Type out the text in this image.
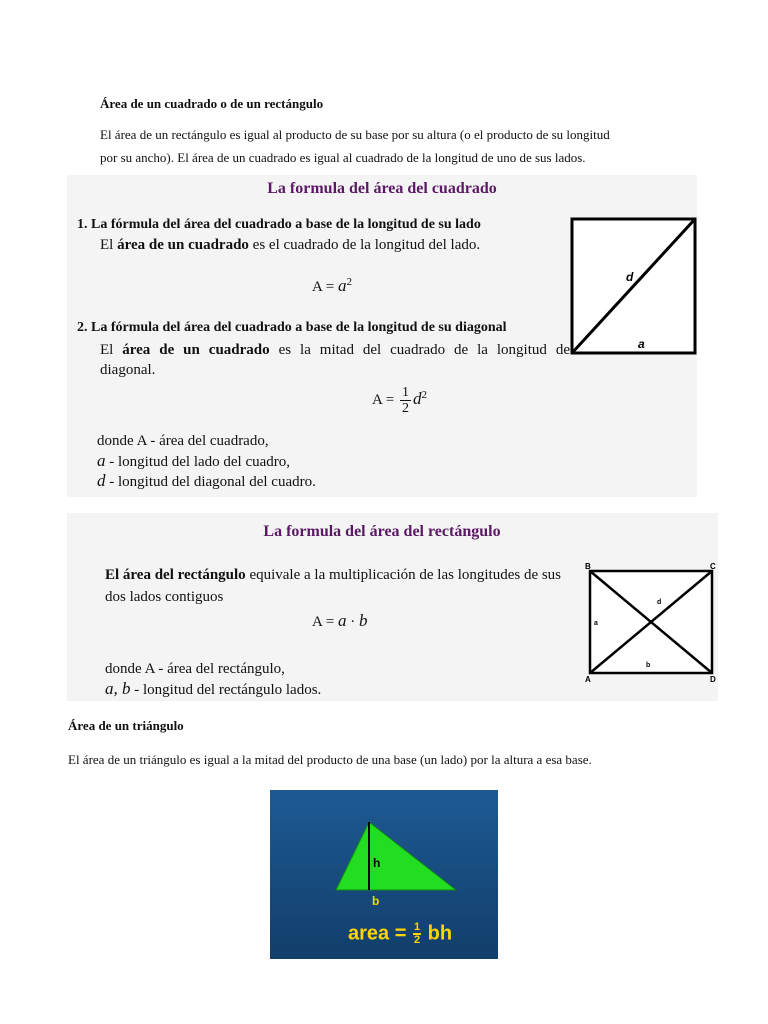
Área de un cuadrado o de un rectángulo
El área de un rectángulo es igual al producto de su base por su altura (o el producto de su longitud
por su ancho). El área de un cuadrado es igual al cuadrado de la longitud de uno de sus lados.
La formula del área del cuadrado
1. La fórmula del área del cuadrado a base de la longitud de su lado
El área de un cuadrado es el cuadrado de la longitud del lado.
$A = a^2$
2. La fórmula del área del cuadrado a base de la longitud de su diagonal
El área de un cuadrado es la mitad del cuadrado de la longitud de
diagonal.
$A = \frac{1}{2} d^2$
donde A - área del cuadrado,
a - longitud del lado del cuadro,
d - longitud del diagonal del cuadro.
d
a
La formula del área del rectángulo
El área del rectángulo equivale a la multiplicación de las longitudes de sus
dos lados contiguos
A = a · b
donde A - área del rectángulo,
a, b - longitud del rectángulo lados.
B	C
A	D
a
b
d
Área de un triángulo
El área de un triángulo es igual a la mitad del producto de una base (un lado) por la altura a esa base.
h
b
area = $\frac{1}{2}$ bh
